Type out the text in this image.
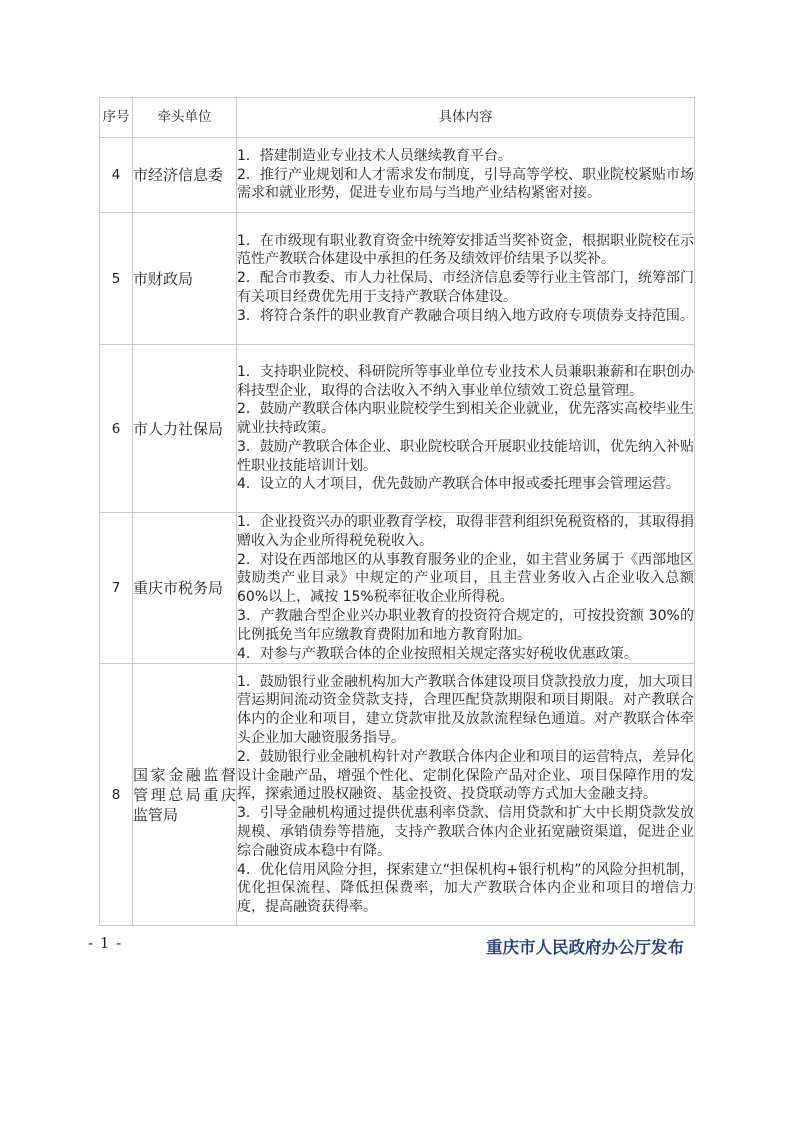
序号	牵头单位	具体内容
4	市经济信息委	1．搭建制造业专业技术人员继续教育平台。

2．推行产业规划和人才需求发布制度，引导高等学校、职业院校紧贴市场需求和就业形势，促进专业布局与当地产业结构紧密对接。

5	市财政局	1．在市级现有职业教育资金中统筹安排适当奖补资金，根据职业院校在示范性产教联合体建设中承担的任务及绩效评价结果予以奖补。

2．配合市教委、市人力社保局、市经济信息委等行业主管部门，统筹部门有关项目经费优先用于支持产教联合体建设。

3．将符合条件的职业教育产教融合项目纳入地方政府专项债券支持范围。

6	市人力社保局	1．支持职业院校、科研院所等事业单位专业技术人员兼职兼薪和在职创办科技型企业，取得的合法收入不纳入事业单位绩效工资总量管理。

2．鼓励产教联合体内职业院校学生到相关企业就业，优先落实高校毕业生就业扶持政策。

3．鼓励产教联合体企业、职业院校联合开展职业技能培训，优先纳入补贴性职业技能培训计划。

4．设立的人才项目，优先鼓励产教联合体申报或委托理事会管理运营。

7	重庆市税务局	1．企业投资兴办的职业教育学校，取得非营利组织免税资格的，其取得捐赠收入为企业所得税免税收入。

2．对设在西部地区的从事教育服务业的企业，如主营业务属于《西部地区鼓励类产业目录》中规定的产业项目，且主营业务收入占企业收入总额 60%以上，减按 15%税率征收企业所得税。

3．产教融合型企业兴办职业教育的投资符合规定的，可按投资额 30%的比例抵免当年应缴教育费附加和地方教育附加。

4．对参与产教联合体的企业按照相关规定落实好税收优惠政策。

8	国家金融监督管理总局重庆监管局	1．鼓励银行业金融机构加大产教联合体建设项目贷款投放力度，加大项目营运期间流动资金贷款支持，合理匹配贷款期限和项目期限。对产教联合体内的企业和项目，建立贷款审批及放款流程绿色通道。对产教联合体牵头企业加大融资服务指导。

2．鼓励银行业金融机构针对产教联合体内企业和项目的运营特点，差异化设计金融产品，增强个性化、定制化保险产品对企业、项目保障作用的发挥，探索通过股权融资、基金投资、投贷联动等方式加大金融支持。

3．引导金融机构通过提供优惠利率贷款、信用贷款和扩大中长期贷款发放规模、承销债券等措施，支持产教联合体内企业拓宽融资渠道，促进企业综合融资成本稳中有降。

4．优化信用风险分担，探索建立“担保机构+银行机构”的风险分担机制，优化担保流程、降低担保费率，加大产教联合体内企业和项目的增信力度，提高融资获得率。

- 1 -	重庆市人民政府办公厅发布
